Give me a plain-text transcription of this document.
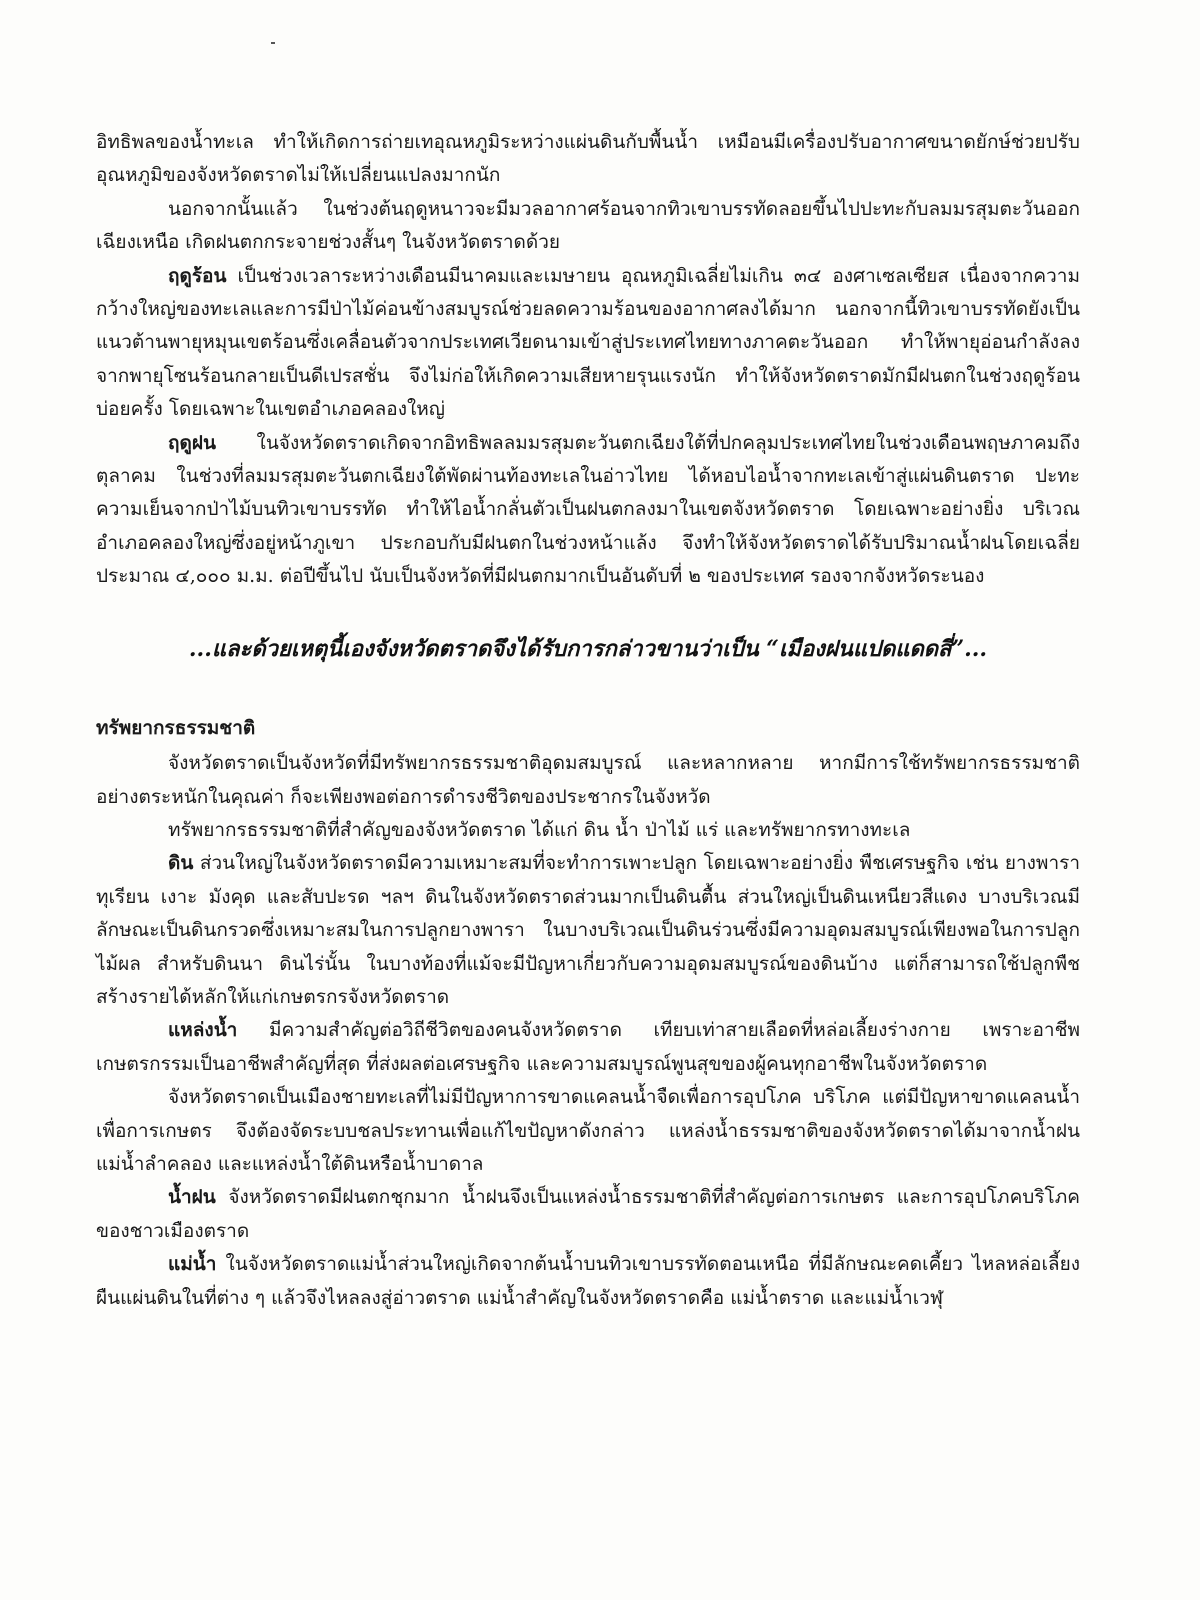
อิทธิพลของน้ำทะเล ทำให้เกิดการถ่ายเทอุณหภูมิระหว่างแผ่นดินกับพื้นน้ำ เหมือนมีเครื่องปรับอากาศขนาดยักษ์ช่วยปรับอุณหภูมิของจังหวัดตราดไม่ให้เปลี่ยนแปลงมากนัก

นอกจากนั้นแล้ว ในช่วงต้นฤดูหนาวจะมีมวลอากาศร้อนจากทิวเขาบรรทัดลอยขึ้นไปปะทะกับลมมรสุมตะวันออกเฉียงเหนือ เกิดฝนตกกระจายช่วงสั้นๆ ในจังหวัดตราดด้วย

ฤดูร้อน เป็นช่วงเวลาระหว่างเดือนมีนาคมและเมษายน อุณหภูมิเฉลี่ยไม่เกิน ๓๔ องศาเซลเซียส เนื่องจากความกว้างใหญ่ของทะเลและการมีป่าไม้ค่อนข้างสมบูรณ์ช่วยลดความร้อนของอากาศลงได้มาก นอกจากนี้ทิวเขาบรรทัดยังเป็นแนวต้านพายุหมุนเขตร้อนซึ่งเคลื่อนตัวจากประเทศเวียดนามเข้าสู่ประเทศไทยทางภาคตะวันออก ทำให้พายุอ่อนกำลังลง จากพายุโซนร้อนกลายเป็นดีเปรสชั่น จึงไม่ก่อให้เกิดความเสียหายรุนแรงนัก ทำให้จังหวัดตราดมักมีฝนตกในช่วงฤดูร้อนบ่อยครั้ง โดยเฉพาะในเขตอำเภอคลองใหญ่

ฤดูฝน ในจังหวัดตราดเกิดจากอิทธิพลลมมรสุมตะวันตกเฉียงใต้ที่ปกคลุมประเทศไทยในช่วงเดือนพฤษภาคมถึงตุลาคม ในช่วงที่ลมมรสุมตะวันตกเฉียงใต้พัดผ่านท้องทะเลในอ่าวไทย ได้หอบไอน้ำจากทะเลเข้าสู่แผ่นดินตราด ปะทะความเย็นจากป่าไม้บนทิวเขาบรรทัด ทำให้ไอน้ำกลั่นตัวเป็นฝนตกลงมาในเขตจังหวัดตราด โดยเฉพาะอย่างยิ่ง บริเวณอำเภอคลองใหญ่ซึ่งอยู่หน้าภูเขา ประกอบกับมีฝนตกในช่วงหน้าแล้ง จึงทำให้จังหวัดตราดได้รับปริมาณน้ำฝนโดยเฉลี่ยประมาณ ๔,๐๐๐ ม.ม. ต่อปีขึ้นไป นับเป็นจังหวัดที่มีฝนตกมากเป็นอันดับที่ ๒ ของประเทศ รองจากจังหวัดระนอง

...และด้วยเหตุนี้เองจังหวัดตราดจึงได้รับการกล่าวขานว่าเป็น “เมืองฝนแปดแดดสี่”...

ทรัพยากรธรรมชาติ

จังหวัดตราดเป็นจังหวัดที่มีทรัพยากรธรรมชาติอุดมสมบูรณ์ และหลากหลาย หากมีการใช้ทรัพยากรธรรมชาติอย่างตระหนักในคุณค่า ก็จะเพียงพอต่อการดำรงชีวิตของประชากรในจังหวัด

ทรัพยากรธรรมชาติที่สำคัญของจังหวัดตราด ได้แก่ ดิน น้ำ ป่าไม้ แร่ และทรัพยากรทางทะเล

ดิน ส่วนใหญ่ในจังหวัดตราดมีความเหมาะสมที่จะทำการเพาะปลูก โดยเฉพาะอย่างยิ่ง พืชเศรษฐกิจ เช่น ยางพารา ทุเรียน เงาะ มังคุด และสับปะรด ฯลฯ ดินในจังหวัดตราดส่วนมากเป็นดินตื้น ส่วนใหญ่เป็นดินเหนียวสีแดง บางบริเวณมีลักษณะเป็นดินกรวดซึ่งเหมาะสมในการปลูกยางพารา ในบางบริเวณเป็นดินร่วนซึ่งมีความอุดมสมบูรณ์เพียงพอในการปลูกไม้ผล สำหรับดินนา ดินไร่นั้น ในบางท้องที่แม้จะมีปัญหาเกี่ยวกับความอุดมสมบูรณ์ของดินบ้าง แต่ก็สามารถใช้ปลูกพืช สร้างรายได้หลักให้แก่เกษตรกรจังหวัดตราด

แหล่งน้ำ มีความสำคัญต่อวิถีชีวิตของคนจังหวัดตราด เทียบเท่าสายเลือดที่หล่อเลี้ยงร่างกาย เพราะอาชีพเกษตรกรรมเป็นอาชีพสำคัญที่สุด ที่ส่งผลต่อเศรษฐกิจ และความสมบูรณ์พูนสุขของผู้คนทุกอาชีพในจังหวัดตราด

จังหวัดตราดเป็นเมืองชายทะเลที่ไม่มีปัญหาการขาดแคลนน้ำจืดเพื่อการอุปโภค บริโภค แต่มีปัญหาขาดแคลนน้ำเพื่อการเกษตร จึงต้องจัดระบบชลประทานเพื่อแก้ไขปัญหาดังกล่าว แหล่งน้ำธรรมชาติของจังหวัดตราดได้มาจากน้ำฝน แม่น้ำลำคลอง และแหล่งน้ำใต้ดินหรือน้ำบาดาล

น้ำฝน จังหวัดตราดมีฝนตกชุกมาก น้ำฝนจึงเป็นแหล่งน้ำธรรมชาติที่สำคัญต่อการเกษตร และการอุปโภคบริโภคของชาวเมืองตราด

แม่น้ำ ในจังหวัดตราดแม่น้ำส่วนใหญ่เกิดจากต้นน้ำบนทิวเขาบรรทัดตอนเหนือ ที่มีลักษณะคดเคี้ยว ไหลหล่อเลี้ยงผืนแผ่นดินในที่ต่าง ๆ แล้วจึงไหลลงสู่อ่าวตราด แม่น้ำสำคัญในจังหวัดตราดคือ แม่น้ำตราด และแม่น้ำเวฬุ
